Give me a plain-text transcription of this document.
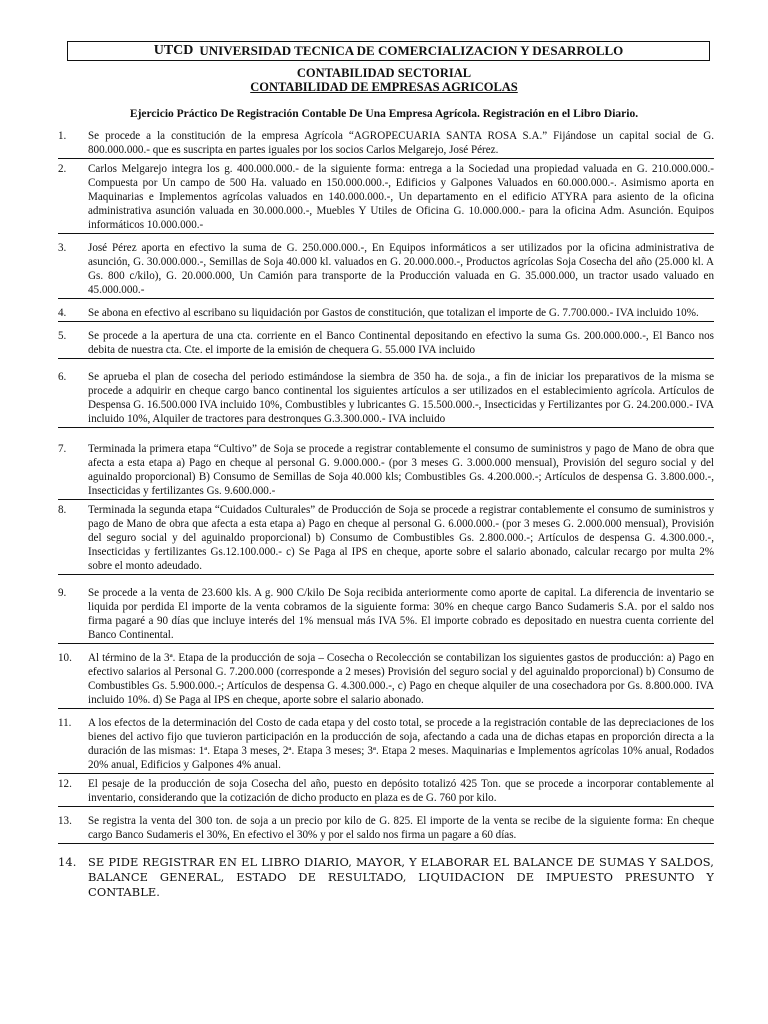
UTCD UNIVERSIDAD TECNICA DE COMERCIALIZACION Y DESARROLLO
CONTABILIDAD SECTORIAL
CONTABILIDAD DE EMPRESAS AGRICOLAS
Ejercicio Práctico De Registración Contable De Una Empresa Agrícola. Registración en el Libro Diario.
1.	Se procede a la constitución de la empresa Agrícola “AGROPECUARIA SANTA ROSA S.A.” Fijándose un capital social de G. 800.000.000.- que es suscripta en partes iguales por los socios Carlos Melgarejo, José Pérez.
2.	Carlos Melgarejo integra los g. 400.000.000.- de la siguiente forma: entrega a la Sociedad una propiedad valuada en G. 210.000.000.- Compuesta por Un campo de 500 Ha. valuado en 150.000.000.-, Edificios y Galpones Valuados en 60.000.000.-. Asimismo aporta en Maquinarias e Implementos agrícolas valuados en 140.000.000.-, Un departamento en el edificio ATYRA para asiento de la oficina administrativa asunción valuada en 30.000.000.-, Muebles Y Utiles de Oficina G. 10.000.000.- para la oficina Adm. Asunción. Equipos informáticos 10.000.000.-
3.	José Pérez aporta en efectivo la suma de G. 250.000.000.-, En Equipos informáticos a ser utilizados por la oficina administrativa de asunción, G. 30.000.000.-, Semillas de Soja 40.000 kl. valuados en G. 20.000.000.-, Productos agrícolas Soja Cosecha del año (25.000 kl. A Gs. 800 c/kilo), G. 20.000.000, Un Camión para transporte de la Producción valuada en G. 35.000.000, un tractor usado valuado en 45.000.000.-
4.	Se abona en efectivo al escribano su liquidación por Gastos de constitución, que totalizan el importe de G. 7.700.000.- IVA incluido 10%.
5.	Se procede a la apertura de una cta. corriente en el Banco Continental depositando en efectivo la suma Gs. 200.000.000.-, El Banco nos debita de nuestra cta. Cte. el importe de la emisión de chequera G. 55.000 IVA incluido
6.	Se aprueba el plan de cosecha del periodo estimándose la siembra de 350 ha. de soja., a fin de iniciar los preparativos de la misma se procede a adquirir en cheque cargo banco continental los siguientes artículos a ser utilizados en el establecimiento agrícola. Artículos de Despensa G. 16.500.000 IVA incluido 10%, Combustibles y lubricantes G. 15.500.000.-, Insecticidas y Fertilizantes por G. 24.200.000.- IVA incluido 10%, Alquiler de tractores para destronques G.3.300.000.- IVA incluido
7.	Terminada la primera etapa “Cultivo” de Soja se procede a registrar contablemente el consumo de suministros y pago de Mano de obra que afecta a esta etapa a) Pago en cheque al personal G. 9.000.000.- (por 3 meses G. 3.000.000 mensual), Provisión del seguro social y del aguinaldo proporcional) B) Consumo de Semillas de Soja 40.000 kls; Combustibles Gs. 4.200.000.-; Artículos de despensa G. 3.800.000.-, Insecticidas y fertilizantes Gs. 9.600.000.-
8.	Terminada la segunda etapa “Cuidados Culturales” de Producción de Soja se procede a registrar contablemente el consumo de suministros y pago de Mano de obra que afecta a esta etapa a) Pago en cheque al personal G. 6.000.000.- (por 3 meses G. 2.000.000 mensual), Provisión del seguro social y del aguinaldo proporcional) b) Consumo de Combustibles Gs. 2.800.000.-; Artículos de despensa G. 4.300.000.-, Insecticidas y fertilizantes Gs.12.100.000.- c) Se Paga al IPS en cheque, aporte sobre el salario abonado, calcular recargo por multa 2% sobre el monto adeudado.
9.	Se procede a la venta de 23.600 kls. A g. 900 C/kilo De Soja recibida anteriormente como aporte de capital. La diferencia de inventario se liquida por perdida El importe de la venta cobramos de la siguiente forma: 30% en cheque cargo Banco Sudameris S.A. por el saldo nos firma pagaré a 90 días que incluye interés del 1% mensual más IVA 5%. El importe cobrado es depositado en nuestra cuenta corriente del Banco Continental.
10.	Al término de la 3ª. Etapa de la producción de soja – Cosecha o Recolección se contabilizan los siguientes gastos de producción: a) Pago en efectivo salarios al Personal G. 7.200.000 (corresponde a 2 meses) Provisión del seguro social y del aguinaldo proporcional) b) Consumo de Combustibles Gs. 5.900.000.-; Artículos de despensa G. 4.300.000.-, c) Pago en cheque alquiler de una cosechadora por Gs. 8.800.000. IVA incluido 10%. d) Se Paga al IPS en cheque, aporte sobre el salario abonado.
11.	A los efectos de la determinación del Costo de cada etapa y del costo total, se procede a la registración contable de las depreciaciones de los bienes del activo fijo que tuvieron participación en la producción de soja, afectando a cada una de dichas etapas en proporción directa a la duración de las mismas: 1ª. Etapa 3 meses, 2ª. Etapa 3 meses; 3ª. Etapa 2 meses. Maquinarias e Implementos agrícolas 10% anual, Rodados 20% anual, Edificios y Galpones 4% anual.
12.	El pesaje de la producción de soja Cosecha del año, puesto en depósito totalizó 425 Ton. que se procede a incorporar contablemente al inventario, considerando que la cotización de dicho producto en plaza es de G. 760 por kilo.
13.	Se registra la venta del 300 ton. de soja a un precio por kilo de G. 825. El importe de la venta se recibe de la siguiente forma: En cheque cargo Banco Sudameris el 30%, En efectivo el 30% y por el saldo nos firma un pagare a 60 días.
14.	SE PIDE REGISTRAR EN EL LIBRO DIARIO, MAYOR, Y ELABORAR EL BALANCE DE SUMAS Y SALDOS, BALANCE GENERAL, ESTADO DE RESULTADO, LIQUIDACION DE IMPUESTO PRESUNTO Y CONTABLE.
